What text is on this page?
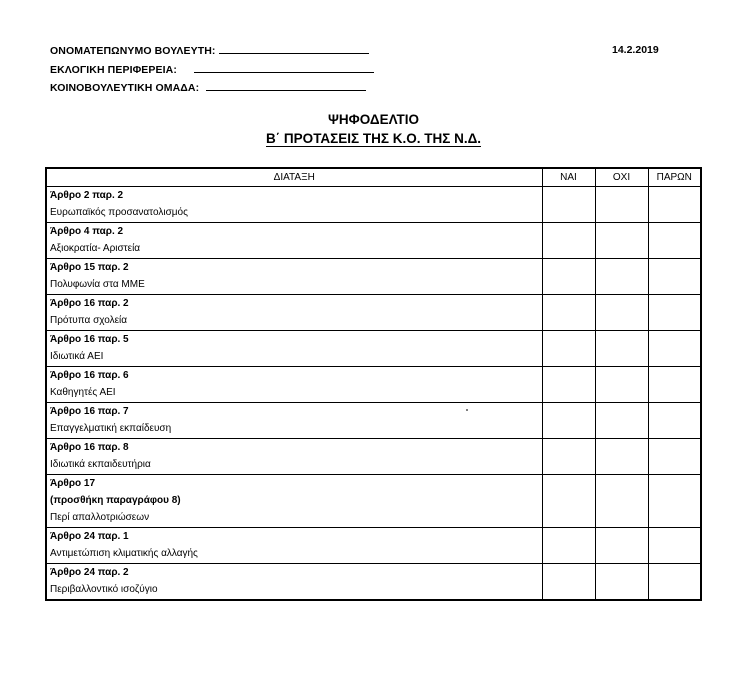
ΟΝΟΜΑΤΕΠΩΝΥΜΟ ΒΟΥΛΕΥΤΗ:
ΕΚΛΟΓΙΚΗ ΠΕΡΙΦΕΡΕΙΑ:
ΚΟΙΝΟΒΟΥΛΕΥΤΙΚΗ ΟΜΑΔΑ:
14.2.2019
ΨΗΦΟΔΕΛΤΙΟ
Β΄ ΠΡΟΤΑΣΕΙΣ ΤΗΣ Κ.Ο. ΤΗΣ Ν.Δ.
ΔΙΑΤΑΞΗ	ΝΑΙ	ΟΧΙ	ΠΑΡΩΝ

Άρθρο 2 παρ. 2
Ευρωπαϊκός προσανατολισμός			

Άρθρο 4 παρ. 2
Αξιοκρατία- Αριστεία			

Άρθρο 15 παρ. 2
Πολυφωνία στα ΜΜΕ			

Άρθρο 16 παρ. 2
Πρότυπα σχολεία			

Άρθρο 16 παρ. 5
Ιδιωτικά ΑΕΙ			

Άρθρο 16 παρ. 6
Καθηγητές ΑΕΙ			

Άρθρο 16 παρ. 7
Επαγγελματική εκπαίδευση			

Άρθρο 16 παρ. 8
Ιδιωτικά εκπαιδευτήρια			

Άρθρο 17
(προσθήκη παραγράφου 8)
Περί απαλλοτριώσεων			

Άρθρο 24 παρ. 1
Αντιμετώπιση κλιματικής αλλαγής			

Άρθρο 24 παρ. 2
Περιβαλλοντικό ισοζύγιο			
